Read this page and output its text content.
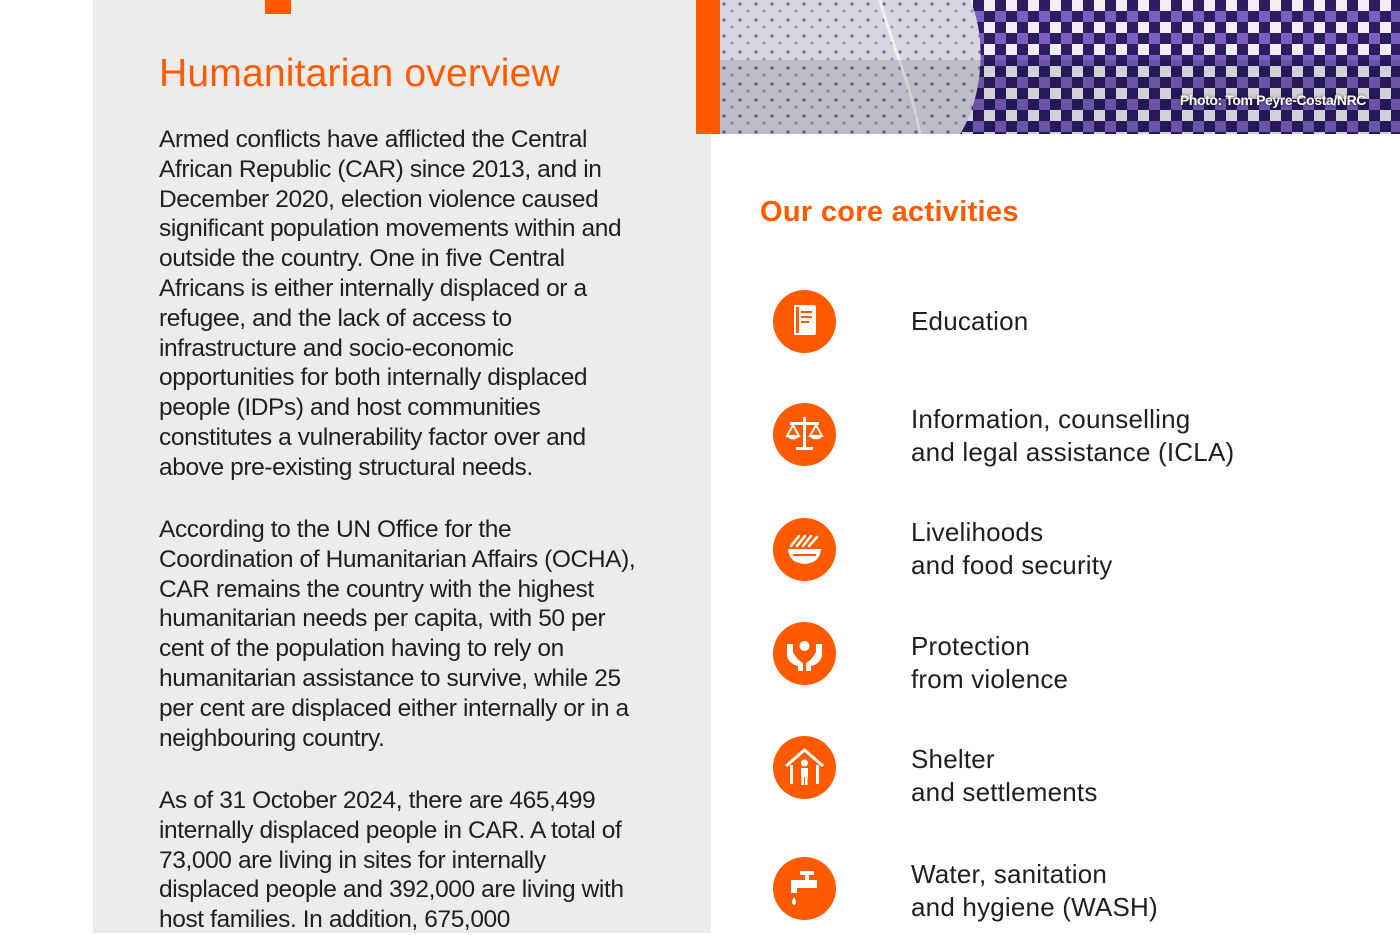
Humanitarian overview

Armed conflicts have afflicted the Central African Republic (CAR) since 2013, and in December 2020, election violence caused significant population movements within and outside the country. One in five Central Africans is either internally displaced or a refugee, and the lack of access to infrastructure and socio-economic opportunities for both internally displaced people (IDPs) and host communities constitutes a vulnerability factor over and above pre-existing structural needs.

According to the UN Office for the Coordination of Humanitarian Affairs (OCHA), CAR remains the country with the highest humanitarian needs per capita, with 50 per cent of the population having to rely on humanitarian assistance to survive, while 25 per cent are displaced either internally or in a neighbouring country.

As of 31 October 2024, there are 465,499 internally displaced people in CAR. A total of 73,000 are living in sites for internally displaced people and 392,000 are living with host families. In addition, 675,000

Photo: Tom Peyre-Costa/NRC
Our core activities

Education

Information, counselling
and legal assistance (ICLA)

Livelihoods
and food security

Protection
from violence

Shelter
and settlements

Water, sanitation
and hygiene (WASH)
